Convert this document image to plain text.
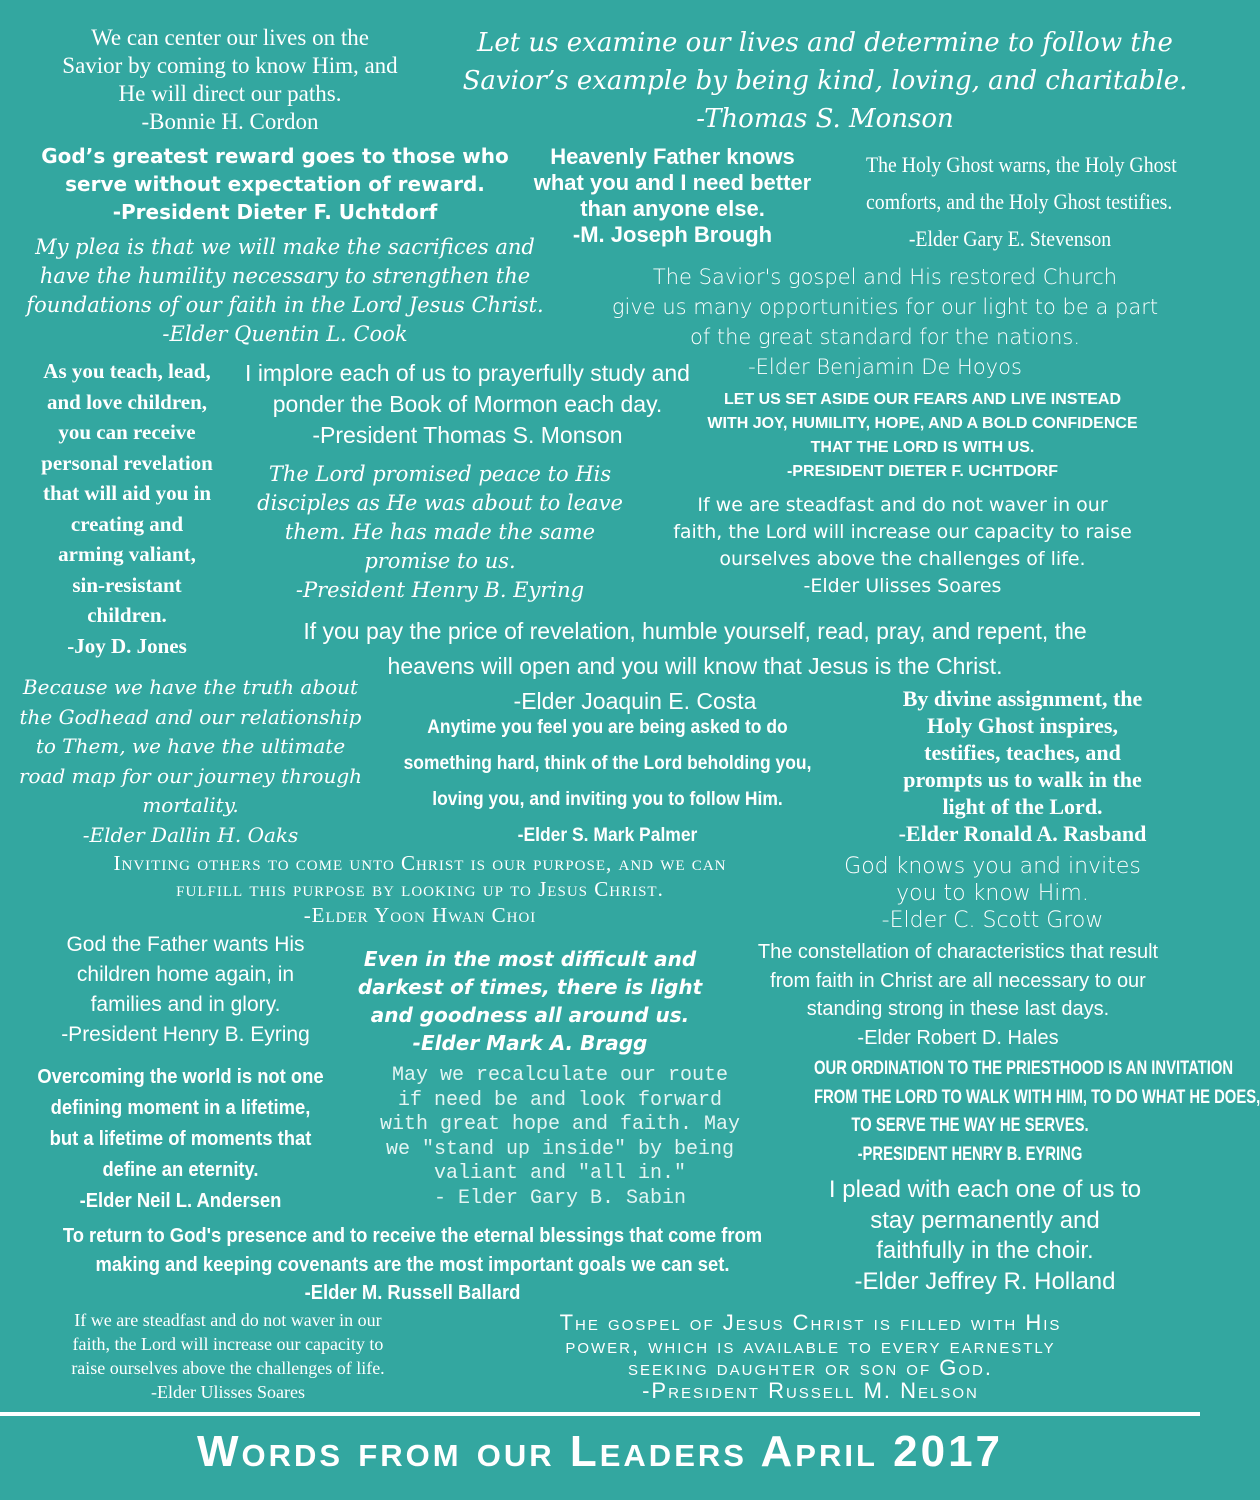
We can center our lives on the
Savior by coming to know Him, and
He will direct our paths.
-Bonnie H. Cordon
Let us examine our lives and determine to follow the
Savior’s example by being kind, loving, and charitable.
-Thomas S. Monson
God’s greatest reward goes to those who
serve without expectation of reward.
-President Dieter F. Uchtdorf
Heavenly Father knows
what you and I need better
than anyone else.
-M. Joseph Brough
The Holy Ghost warns, the Holy Ghost
comforts, and the Holy Ghost testifies.
-Elder Gary E. Stevenson
My plea is that we will make the sacrifices and
have the humility necessary to strengthen the
foundations of our faith in the Lord Jesus Christ.
-Elder Quentin L. Cook
The Savior's gospel and His restored Church
give us many opportunities for our light to be a part
of the great standard for the nations.
-Elder Benjamin De Hoyos
As you teach, lead,
and love children,
you can receive
personal revelation
that will aid you in
creating and
arming valiant,
sin-resistant
children.
-Joy D. Jones
I implore each of us to prayerfully study and
ponder the Book of Mormon each day.
-President Thomas S. Monson
LET US SET ASIDE OUR FEARS AND LIVE INSTEAD
WITH JOY, HUMILITY, HOPE, AND A BOLD CONFIDENCE
THAT THE LORD IS WITH US.
-PRESIDENT DIETER F. UCHTDORF
The Lord promised peace to His
disciples as He was about to leave
them. He has made the same
promise to us.
-President Henry B. Eyring
If we are steadfast and do not waver in our
faith, the Lord will increase our capacity to raise
ourselves above the challenges of life.
-Elder Ulisses Soares
If you pay the price of revelation, humble yourself, read, pray, and repent, the
heavens will open and you will know that Jesus is the Christ.
-Elder Joaquin E. Costa
Because we have the truth about
the Godhead and our relationship
to Them, we have the ultimate
road map for our journey through
mortality.
-Elder Dallin H. Oaks
Anytime you feel you are being asked to do
something hard, think of the Lord beholding you,
loving you, and inviting you to follow Him.
-Elder S. Mark Palmer
By divine assignment, the
Holy Ghost inspires,
testifies, teaches, and
prompts us to walk in the
light of the Lord.
-Elder Ronald A. Rasband
Inviting others to come unto Christ is our purpose, and we can
fulfill this purpose by looking up to Jesus Christ.
-Elder Yoon Hwan Choi
God knows you and invites
you to know Him.
-Elder C. Scott Grow
God the Father wants His
children home again, in
families and in glory.
-President Henry B. Eyring
Even in the most difficult and
darkest of times, there is light
and goodness all around us.
-Elder Mark A. Bragg
The constellation of characteristics that result
from faith in Christ are all necessary to our
standing strong in these last days.
-Elder Robert D. Hales
Overcoming the world is not one
defining moment in a lifetime,
but a lifetime of moments that
define an eternity.
-Elder Neil L. Andersen
May we recalculate our route
if need be and look forward
with great hope and faith. May
we "stand up inside" by being
valiant and "all in."
- Elder Gary B. Sabin
OUR ORDINATION TO THE PRIESTHOOD IS AN INVITATION
FROM THE LORD TO WALK WITH HIM, TO DO WHAT HE DOES,
TO SERVE THE WAY HE SERVES.
-PRESIDENT HENRY B. EYRING
I plead with each one of us to
stay permanently and
faithfully in the choir.
-Elder Jeffrey R. Holland
To return to God's presence and to receive the eternal blessings that come from
making and keeping covenants are the most important goals we can set.
-Elder M. Russell Ballard
If we are steadfast and do not waver in our
faith, the Lord will increase our capacity to
raise ourselves above the challenges of life.
-Elder Ulisses Soares
The gospel of Jesus Christ is filled with His
power, which is available to every earnestly
seeking daughter or son of God.
-President Russell M. Nelson
Words from our Leaders April 2017
